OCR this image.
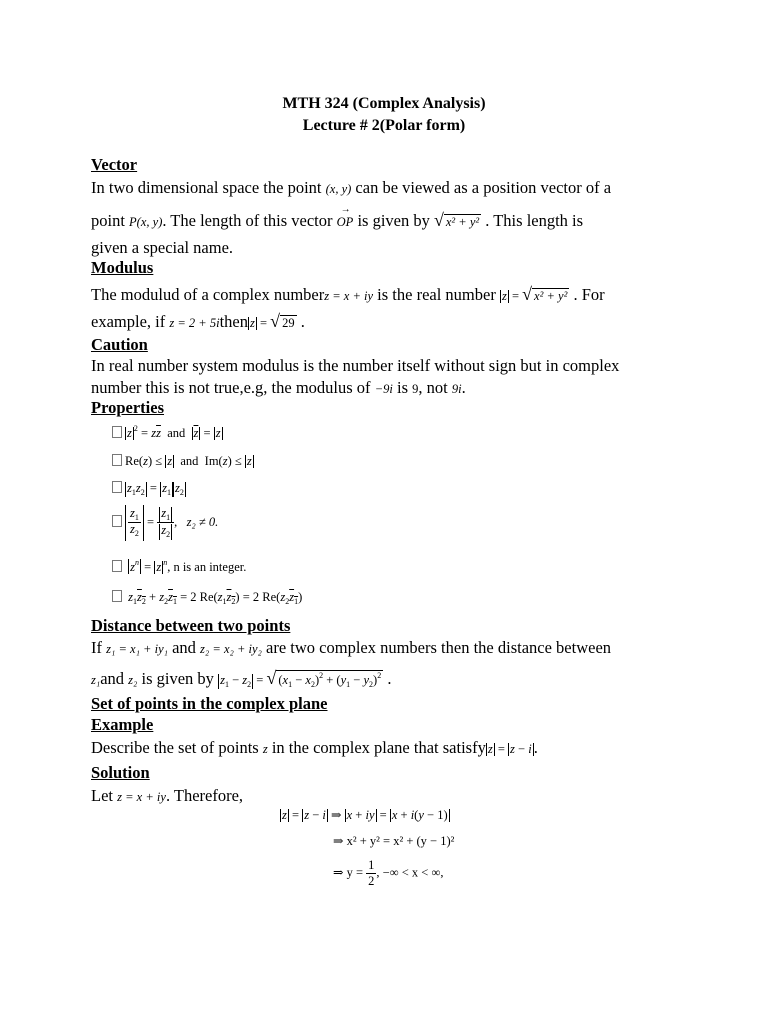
MTH 324 (Complex Analysis)
Lecture # 2(Polar form)
Vector
In two dimensional space the point (x, y) can be viewed as a position vector of a
point P(x, y). The length of this vector → OP is given by √ x² + y² . This length is
given a special name.
Modulus
The modulud of a complex numberz = x + iy is the real number z = √ x² + y² . For
example, if z = 2 + 5ithen z = √ 29 .
Caution
In real number system modulus is the number itself without sign but in complex
number this is not true,e.g, the modulus of −9i is 9, not 9i.
Properties
z $^2 = z\overline{z}$ and $\overline{z} = z$
Re(z) ≤ z and  Im(z) ≤ z
$z_1z_2 = z_1$ $z_2$
$\frac{z_1}{z_2} = \frac{z_1}{z_2}$ ,   z₂ ≠ 0.
$z^n = z$ $^n$, n is an integer.
$z_1z_2 + z_2z_1 = 2$ $Re(z_1z_2) = 2$ $Re(z_2z_1)$
Distance between two points
If z₁ = x₁ + iy₁ and z₂ = x₂ + iy₂ are two complex numbers then the distance between
z₁and z₂ is given by $z_1 - z_2$ = √ $(x_1 - x_2)^2 + (y_1 - y_2)^2$ .
Set of points in the complex plane
Example
Describe the set of points z in the complex plane that satisfy z = z − i .
Solution
Let z = x + iy. Therefore,
z = z − i ⇒ x + iy = x + i(y − 1)
⇒ x² + y² = x² + (y − 1)²
⇒ $y = \frac{1}{2}$ , −∞ < x < ∞,
